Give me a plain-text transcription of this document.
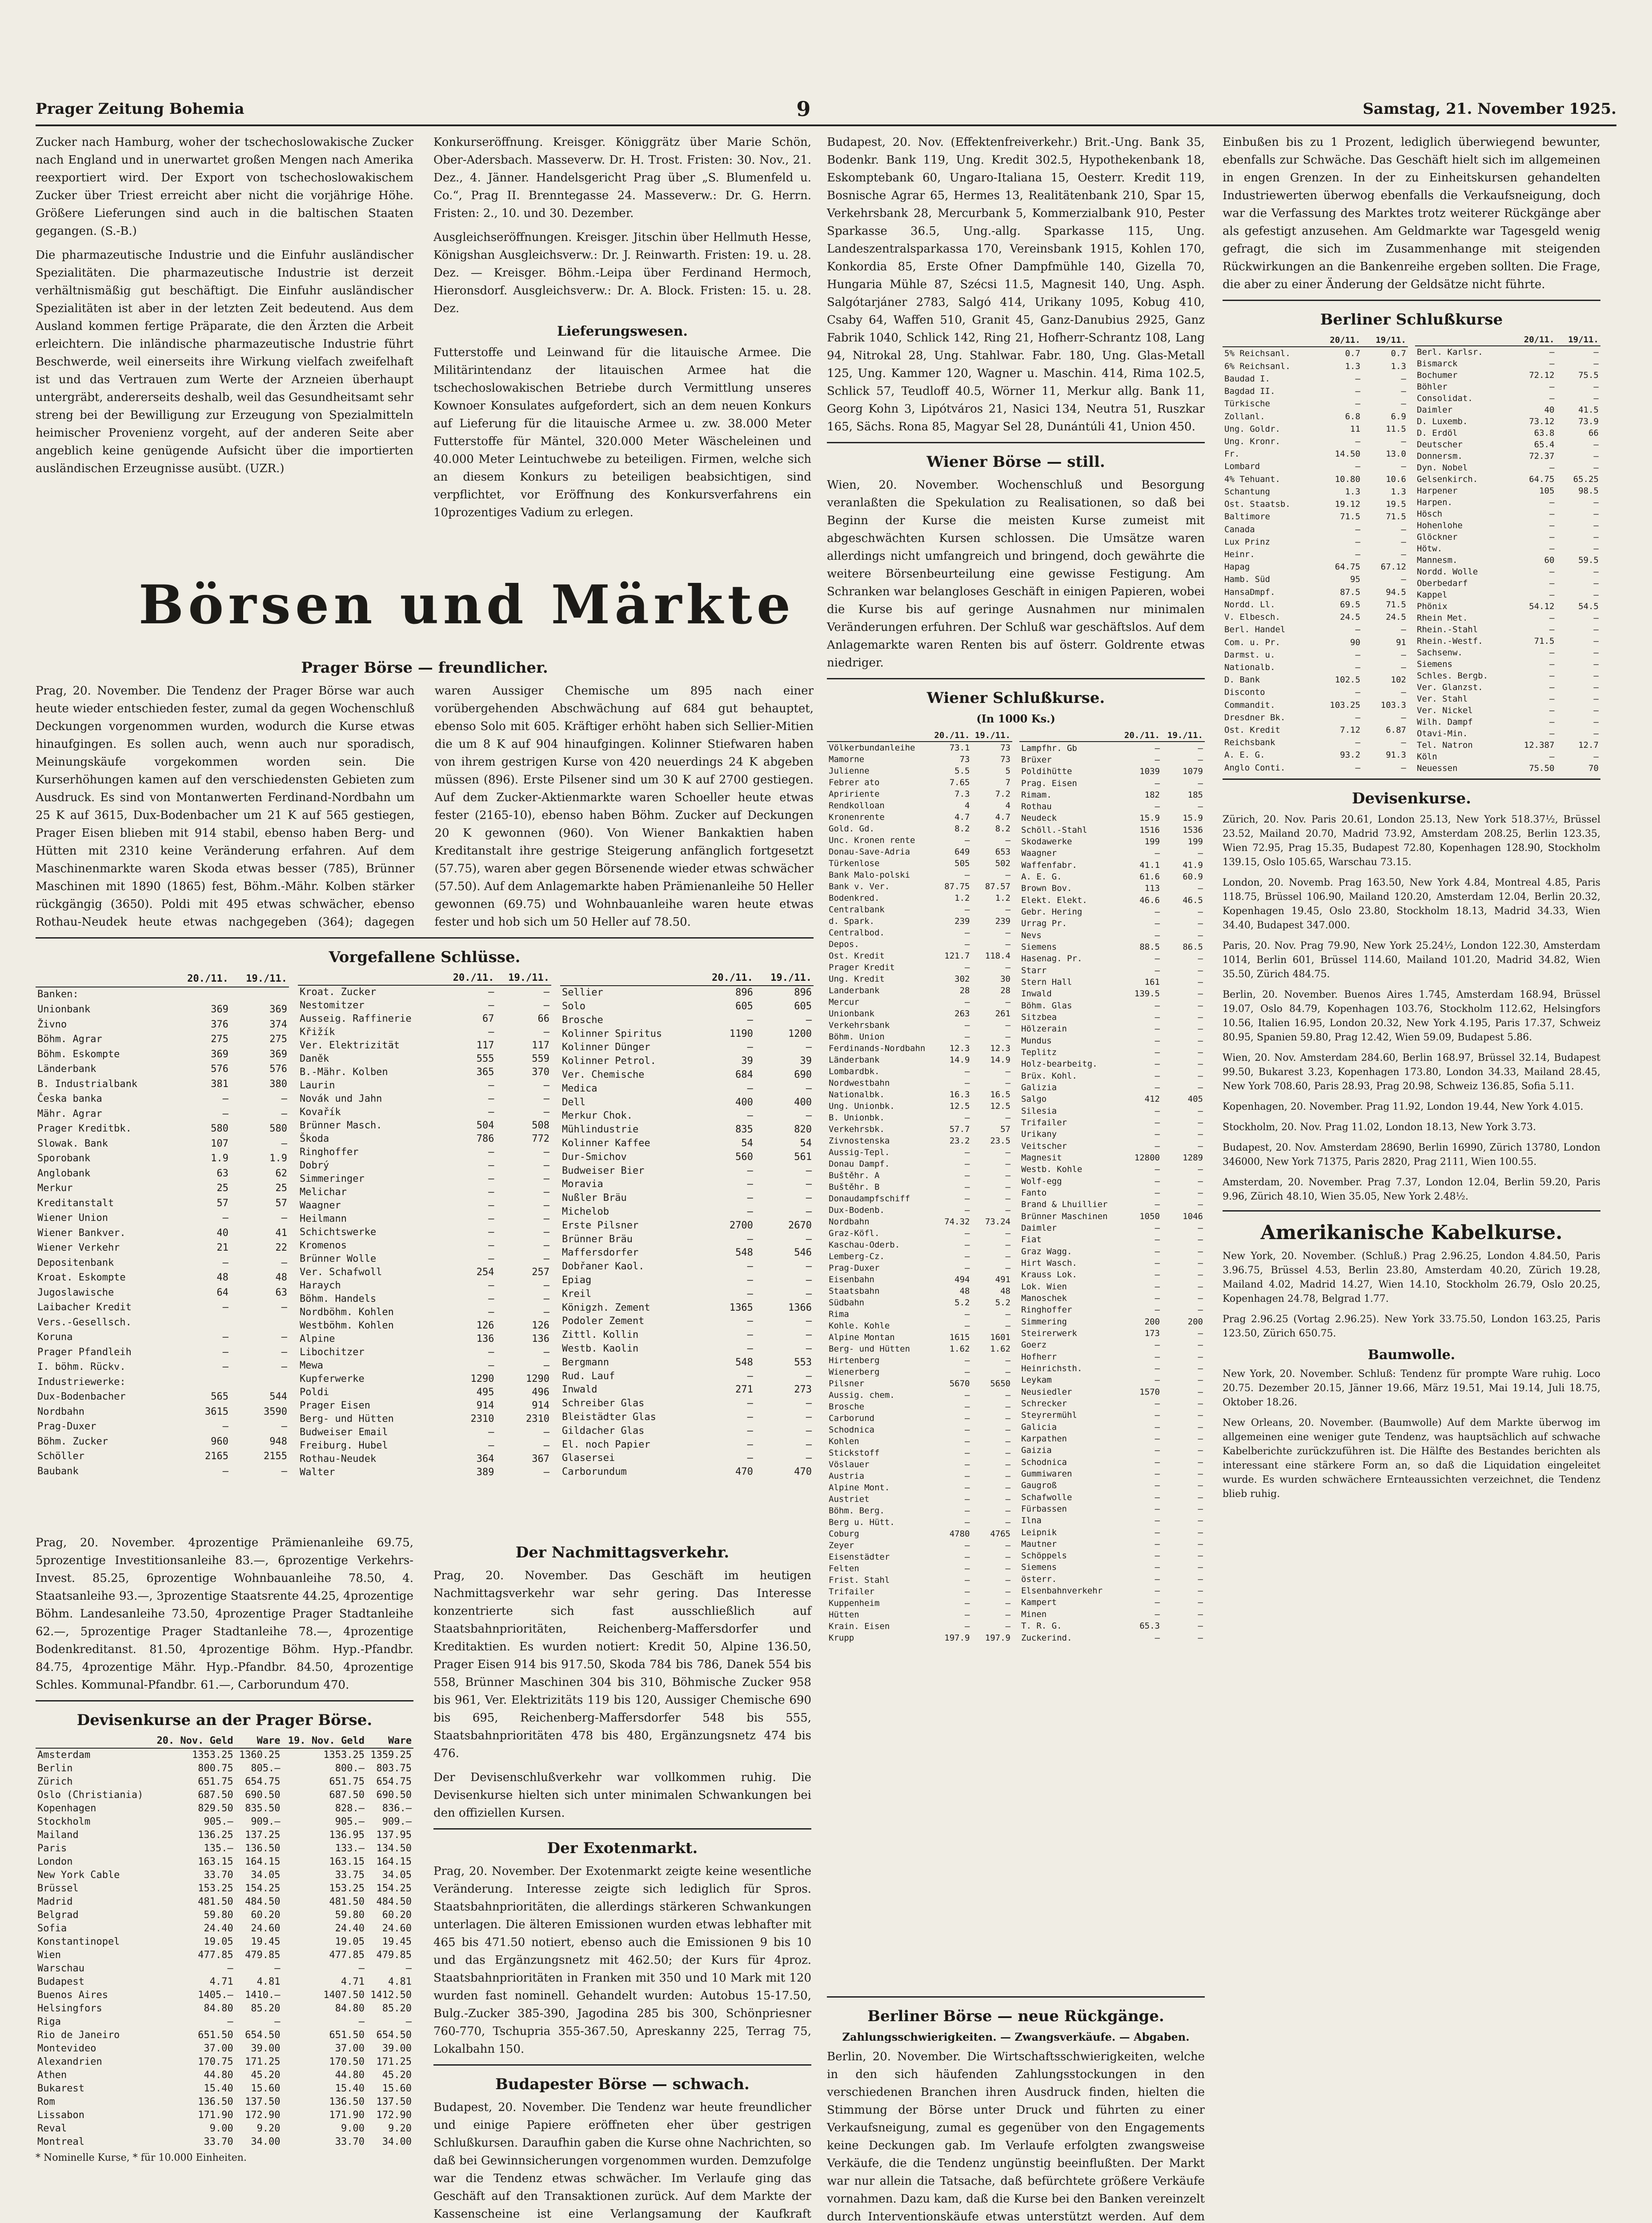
Prager Zeitung Bohemia	9	Samstag, 21. November 1925.

Zucker nach Hamburg, woher der tschechoslowakische Zucker nach England und in unerwartet großen Mengen nach Amerika reexportiert wird. Der Export von tschechoslowakischem Zucker über Triest erreicht aber nicht die vorjährige Höhe. Größere Lieferungen sind auch in die baltischen Staaten gegangen. (S.-B.)

Die pharmazeutische Industrie und die Einfuhr ausländischer Spezialitäten. Die pharmazeutische Industrie ist derzeit verhältnismäßig gut beschäftigt. Die Einfuhr ausländischer Spezialitäten ist aber in der letzten Zeit bedeutend. Aus dem Ausland kommen fertige Präparate, die den Ärzten die Arbeit erleichtern. Die inländische pharmazeutische Industrie führt Beschwerde, weil einerseits ihre Wirkung vielfach zweifelhaft ist und das Vertrauen zum Werte der Arzneien überhaupt untergräbt, andererseits deshalb, weil das Gesundheitsamt sehr streng bei der Bewilligung zur Erzeugung von Spezialmitteln heimischer Provenienz vorgeht, auf der anderen Seite aber angeblich keine genügende Aufsicht über die importierten ausländischen Erzeugnisse ausübt. (UZR.)

Konkurseröffnung. Kreisger. Königgrätz über Marie Schön, Ober-Adersbach. Masseverw. Dr. H. Trost. Fristen: 30. Nov., 21. Dez., 4. Jänner. Handelsgericht Prag über „S. Blumenfeld u. Co.“, Prag II. Brenntegasse 24. Masseverw.: Dr. G. Herrn. Fristen: 2., 10. und 30. Dezember.

Ausgleichseröffnungen. Kreisger. Jitschin über Hellmuth Hesse, Königshan Ausgleichsverw.: Dr. J. Reinwarth. Fristen: 19. u. 28. Dez. — Kreisger. Böhm.-Leipa über Ferdinand Hermoch, Hieronsdorf. Ausgleichsverw.: Dr. A. Block. Fristen: 15. u. 28. Dez.

Lieferungswesen.

Futterstoffe und Leinwand für die litauische Armee. Die Militärintendanz der litauischen Armee hat die tschechoslowakischen Betriebe durch Vermittlung unseres Kownoer Konsulates aufgefordert, sich an dem neuen Konkurs auf Lieferung für die litauische Armee u. zw. 38.000 Meter Futterstoffe für Mäntel, 320.000 Meter Wäscheleinen und 40.000 Meter Leintuchwebe zu beteiligen. Firmen, welche sich an diesem Konkurs zu beteiligen beabsichtigen, sind verpflichtet, vor Eröffnung des Konkursverfahrens ein 10prozentiges Vadium zu erlegen.

Börsen und Märkte
Prager Börse — freundlicher.

Prag, 20. November. Die Tendenz der Prager Börse war auch heute wieder entschieden fester, zumal da gegen Wochenschluß Deckungen vorgenommen wurden, wodurch die Kurse etwas hinaufgingen. Es sollen auch, wenn auch nur sporadisch, Meinungskäufe vorgekommen worden sein. Die Kurserhöhungen kamen auf den verschiedensten Gebieten zum Ausdruck. Es sind von Montanwerten Ferdinand-Nordbahn um 25 K auf 3615, Dux-Bodenbacher um 21 K auf 565 gestiegen, Prager Eisen blieben mit 914 stabil, ebenso haben Berg- und Hütten mit 2310 keine Veränderung erfahren. Auf dem Maschinenmarkte waren Skoda etwas besser (785), Brünner Maschinen mit 1890 (1865) fest, Böhm.-Mähr. Kolben stärker rückgängig (3650). Poldi mit 495 etwas schwächer, ebenso Rothau-Neudek heute etwas nachgegeben (364); dagegen waren Aussiger Chemische um 895 nach einer vorübergehenden Abschwächung auf 684 gut behauptet, ebenso Solo mit 605. Kräftiger erhöht haben sich Sellier-Mitien die um 8 K auf 904 hinaufgingen. Kolinner Stiefwaren haben von ihrem gestrigen Kurse von 420 neuerdings 24 K abgeben müssen (896). Erste Pilsener sind um 30 K auf 2700 gestiegen. Auf dem Zucker-Aktienmarkte waren Schoeller heute etwas fester (2165-10), ebenso haben Böhm. Zucker auf Deckungen 20 K gewonnen (960). Von Wiener Bankaktien haben Kreditanstalt ihre gestrige Steigerung anfänglich fortgesetzt (57.75), waren aber gegen Börsenende wieder etwas schwächer (57.50). Auf dem Anlagemarkte haben Prämienanleihe 50 Heller gewonnen (69.75) und Wohnbauanleihe waren heute etwas fester und hob sich um 50 Heller auf 78.50.

Vorgefallene Schlüsse.
	20./11.	19./11.
Banken:		
Unionbank	369	369
Živno	376	374
Böhm. Agrar	275	275
Böhm. Eskompte	369	369
Länderbank	576	576
B. Industrialbank	381	380
Česka banka	—	—
Mähr. Agrar	—	—
Prager Kreditbk.	580	580
Slowak. Bank	107	—
Sporobank	1.9	1.9
Anglobank	63	62
Merkur	25	25
Kreditanstalt	57	57
Wiener Union	—	—
Wiener Bankver.	40	41
Wiener Verkehr	21	22
Depositenbank	—	—
Kroat. Eskompte	48	48
Jugoslawische	64	63
Laibacher Kredit	—	—
Vers.-Gesellsch.		
Koruna	—	—
Prager Pfandleih	—	—
I. böhm. Rückv.	—	—
Industriewerke:		
Dux-Bodenbacher	565	544
Nordbahn	3615	3590
Prag-Duxer	—	—
Böhm. Zucker	960	948
Schöller	2165	2155
Baubank	—	—
	20./11.	19./11.
Kroat. Zucker	—	—
Nestomitzer	—	—
Ausseig. Raffinerie	67	66
Křižík	—	—
Ver. Elektrizität	117	117
Daněk	555	559
B.-Mähr. Kolben	365	370
Laurin	—	—
Novák und Jahn	—	—
Kovařík	—	—
Brünner Masch.	504	508
Škoda	786	772
Ringhoffer	—	—
Dobrý	—	—
Simmeringer	—	—
Melichar	—	—
Waagner	—	—
Heilmann	—	—
Schichtswerke	—	—
Kromenos	—	—
Brünner Wolle	—	—
Ver. Schafwoll	254	257
Haraych	—	—
Böhm. Handels	—	—
Nordböhm. Kohlen	—	—
Westböhm. Kohlen	126	126
Alpine	136	136
Libochitzer	—	—
Mewa	—	—
Kupferwerke	1290	1290
Poldi	495	496
Prager Eisen	914	914
Berg- und Hütten	2310	2310
Budweiser Email	—	—
Freiburg. Hubel	—	—
Rothau-Neudek	364	367
Walter	389	—
	20./11.	19./11.
Sellier	896	896
Solo	605	605
Brosche	—	—
Kolinner Spiritus	1190	1200
Kolinner Dünger	—	—
Kolinner Petrol.	39	39
Ver. Chemische	684	690
Medica	—	—
Dell	400	400
Merkur Chok.	—	—
Mühlindustrie	835	820
Kolinner Kaffee	54	54
Dur-Smichov	560	561
Budweiser Bier	—	—
Moravia	—	—
Nußler Bräu	—	—
Michelob	—	—
Erste Pilsner	2700	2670
Brünner Bräu	—	—
Maffersdorfer	548	546
Dobřaner Kaol.	—	—
Epiag	—	—
Kreil	—	—
Königzh. Zement	1365	1366
Podoler Zement	—	—
Zittl. Kollin	—	—
Westb. Kaolin	—	—
Bergmann	548	553
Rud. Lauf	—	—
Inwald	271	273
Schreiber Glas	—	—
Bleistädter Glas	—	—
Gildacher Glas	—	—
El. noch Papier	—	—
Glasersei	—	—
Carborundum	470	470

Prag, 20. November. 4prozentige Prämienanleihe 69.75, 5prozentige Investitionsanleihe 83.—, 6prozentige Verkehrs-Invest. 85.25, 6prozentige Wohnbauanleihe 78.50, 4. Staatsanleihe 93.—, 3prozentige Staatsrente 44.25, 4prozentige Böhm. Landesanleihe 73.50, 4prozentige Prager Stadtanleihe 62.—, 5prozentige Prager Stadtanleihe 78.—, 4prozentige Bodenkreditanst. 81.50, 4prozentige Böhm. Hyp.-Pfandbr. 84.75, 4prozentige Mähr. Hyp.-Pfandbr. 84.50, 4prozentige Schles. Kommunal-Pfandbr. 61.—, Carborundum 470.

Devisenkurse an der Prager Börse.
	20. Nov. Geld	Ware	19. Nov. Geld	Ware
Amsterdam	1353.25	1360.25	1353.25	1359.25
Berlin	800.75	805.—	800.—	803.75
Zürich	651.75	654.75	651.75	654.75
Oslo (Christiania)	687.50	690.50	687.50	690.50
Kopenhagen	829.50	835.50	828.—	836.—
Stockholm	905.—	909.—	905.—	909.—
Mailand	136.25	137.25	136.95	137.95
Paris	135.—	136.50	133.—	134.50
London	163.15	164.15	163.15	164.15
New York Cable	33.70	34.05	33.75	34.05
Brüssel	153.25	154.25	153.25	154.25
Madrid	481.50	484.50	481.50	484.50
Belgrad	59.80	60.20	59.80	60.20
Sofia	24.40	24.60	24.40	24.60
Konstantinopel	19.05	19.45	19.05	19.45
Wien	477.85	479.85	477.85	479.85
Warschau	—	—	—	—
Budapest	4.71	4.81	4.71	4.81
Buenos Aires	1405.—	1410.—	1407.50	1412.50
Helsingfors	84.80	85.20	84.80	85.20
Riga	—	—	—	—
Rio de Janeiro	651.50	654.50	651.50	654.50
Montevideo	37.00	39.00	37.00	39.00
Alexandrien	170.75	171.25	170.50	171.25
Athen	44.80	45.20	44.80	45.20
Bukarest	15.40	15.60	15.40	15.60
Rom	136.50	137.50	136.50	137.50
Lissabon	171.90	172.90	171.90	172.90
Reval	9.00	9.20	9.00	9.20
Montreal	33.70	34.00	33.70	34.00
* Nominelle Kurse, * für 10.000 Einheiten.
Der Nachmittagsverkehr.

Prag, 20. November. Das Geschäft im heutigen Nachmittagsverkehr war sehr gering. Das Interesse konzentrierte sich fast ausschließlich auf Staatsbahnprioritäten, Reichenberg-Maffersdorfer und Kreditaktien. Es wurden notiert: Kredit 50, Alpine 136.50, Prager Eisen 914 bis 917.50, Skoda 784 bis 786, Danek 554 bis 558, Brünner Maschinen 304 bis 310, Böhmische Zucker 958 bis 961, Ver. Elektrizitäts 119 bis 120, Aussiger Chemische 690 bis 695, Reichenberg-Maffersdorfer 548 bis 555, Staatsbahnprioritäten 478 bis 480, Ergänzungsnetz 474 bis 476.

Der Devisenschlußverkehr war vollkommen ruhig. Die Devisenkurse hielten sich unter minimalen Schwankungen bei den offiziellen Kursen.

Der Exotenmarkt.

Prag, 20. November. Der Exotenmarkt zeigte keine wesentliche Veränderung. Interesse zeigte sich lediglich für Spros. Staatsbahnprioritäten, die allerdings stärkeren Schwankungen unterlagen. Die älteren Emissionen wurden etwas lebhafter mit 465 bis 471.50 notiert, ebenso auch die Emissionen 9 bis 10 und das Ergänzungsnetz mit 462.50; der Kurs für 4proz. Staatsbahnprioritäten in Franken mit 350 und 10 Mark mit 120 wurden fast nominell. Gehandelt wurden: Autobus 15-17.50, Bulg.-Zucker 385-390, Jagodina 285 bis 300, Schönpriesner 760-770, Tschupria 355-367.50, Apreskanny 225, Terrag 75, Lokalbahn 150.

Budapester Börse — schwach.

Budapest, 20. November. Die Tendenz war heute freundlicher und einige Papiere eröffneten eher über gestrigen Schlußkursen. Daraufhin gaben die Kurse ohne Nachrichten, so daß bei Gewinnsicherungen vorgenommen wurden. Demzufolge war die Tendenz etwas schwächer. Im Verlaufe ging das Geschäft auf den Transaktionen zurück. Auf dem Markte der Kassenscheine ist eine Verlangsamung der Kaufkraft

Budapest, 20. Nov. (Effektenfreiverkehr.) Brit.-Ung. Bank 35, Bodenkr. Bank 119, Ung. Kredit 302.5, Hypothekenbank 18, Eskomptebank 60, Ungaro-Italiana 15, Oesterr. Kredit 119, Bosnische Agrar 65, Hermes 13, Realitätenbank 210, Spar 15, Verkehrsbank 28, Mercurbank 5, Kommerzialbank 910, Pester Sparkasse 36.5, Ung.-allg. Sparkasse 115, Ung. Landeszentralsparkassa 170, Vereinsbank 1915, Kohlen 170, Konkordia 85, Erste Ofner Dampfmühle 140, Gizella 70, Hungaria Mühle 87, Szécsi 11.5, Magnesit 140, Ung. Asph. Salgótarjáner 2783, Salgó 414, Urikany 1095, Kobug 410, Csaby 64, Waffen 510, Granit 45, Ganz-Danubius 2925, Ganz Fabrik 1040, Schlick 142, Ring 21, Hofherr-Schrantz 108, Lang 94, Nitrokal 28, Ung. Stahlwar. Fabr. 180, Ung. Glas-Metall 125, Ung. Kammer 120, Wagner u. Maschin. 414, Rima 102.5, Schlick 57, Teudloff 40.5, Wörner 11, Merkur allg. Bank 11, Georg Kohn 3, Lipótváros 21, Nasici 134, Neutra 51, Ruszkar 165, Sächs. Rona 85, Magyar Sel 28, Dunántúli 41, Union 450.

Wiener Börse — still.

Wien, 20. November. Wochenschluß und Besorgung veranlaßten die Spekulation zu Realisationen, so daß bei Beginn der Kurse die meisten Kurse zumeist mit abgeschwächten Kursen schlossen. Die Umsätze waren allerdings nicht umfangreich und bringend, doch gewährte die weitere Börsenbeurteilung eine gewisse Festigung. Am Schranken war belangloses Geschäft in einigen Papieren, wobei die Kurse bis auf geringe Ausnahmen nur minimalen Veränderungen erfuhren. Der Schluß war geschäftslos. Auf dem Anlagemarkte waren Renten bis auf österr. Goldrente etwas niedriger.

Wiener Schlußkurse.
(In 1000 Ks.)
	20./11.	19./11.
Völkerbundanleihe	73.1	73
Mamorne	73	73
Julienne	5.5	5
Febrer ato	7.65	7
Apririente	7.3	7.2
Rendkolloan	4	4
Kronenrente	4.7	4.7
Gold. Gd.	8.2	8.2
Unc. Kronen rente	—	—
Donau-Save-Adria	649	653
Türkenlose	505	502
Bank Malo-polski	—	—
Bank v. Ver.	87.75	87.57
Bodenkred.	1.2	1.2
Centralbank	—	—
d. Spark.	239	239
Centralbod.	—	—
Depos.	—	—
Ost. Kredit	121.7	118.4
Prager Kredit	—	—
Ung. Kredit	302	30
Landerbank	28	28
Mercur	—	—
Unionbank	263	261
Verkehrsbank	—	—
Böhm. Union	—	—
Ferdinands-Nordbahn	12.3	12.3
Länderbank	14.9	14.9
Lombardbk.	—	—
Nordwestbahn	—	—
Nationalbk.	16.3	16.5
Ung. Unionbk.	12.5	12.5
B. Unionbk.	—	—
Verkehrsbk.	57.7	57
Zivnostenska	23.2	23.5
Aussig-Tepl.	—	—
Donau Dampf.	—	—
Buštěhr. A	—	—
Buštěhr. B	—	—
Donaudampfschiff	—	—
Dux-Bodenb.	—	—
Nordbahn	74.32	73.24
Graz-Köfl.	—	—
Kaschau-Oderb.	—	—
Lemberg-Cz.	—	—
Prag-Duxer	—	—
Eisenbahn	494	491
Staatsbahn	48	48
Südbahn	5.2	5.2
Rima	—	—
Kohle. Kohle	—	—
Alpine Montan	1615	1601
Berg- und Hütten	1.62	1.62
Hirtenberg	—	—
Wienerberg	—	—
Pilsner	5670	5650
Aussig. chem.	—	—
Brosche	—	—
Carborund	—	—
Schodnica	—	—
Kohlen	—	—
Stickstoff	—	—
Vöslauer	—	—
Austria	—	—
Alpine Mont.	—	—
Austriet	—	—
Böhm. Berg.	—	—
Berg u. Hütt.	—	—
Coburg	4780	4765
Zeyer	—	—
Eisenstädter	—	—
Felten	—	—
Frist. Stahl	—	—
Trifailer	—	—
Kuppenheim	—	—
Hütten	—	—
Krain. Eisen	—	—
Krupp	197.9	197.9
	20./11.	19./11.
Lampfhr. Gb	—	—
Brüxer	—	—
Poldihütte	1039	1079
Prag. Eisen	—	—
Rimam.	182	185
Rothau	—	—
Neudeck	15.9	15.9
Schöll.-Stahl	1516	1536
Skodawerke	199	199
Waagner	—	—
Waffenfabr.	41.1	41.9
A. E. G.	61.6	60.9
Brown Bov.	113	—
Elekt. Elekt.	46.6	46.5
Gebr. Hering	—	—
Urrag Pr.	—	—
Nevs	—	—
Siemens	88.5	86.5
Hasenag. Pr.	—	—
Starr	—	—
Stern Hall	161	—
Inwald	139.5	—
Böhm. Glas	—	—
Sitzbea	—	—
Hölzerain	—	—
Mundus	—	—
Teplitz	—	—
Holz-bearbeitg.	—	—
Brüx. Kohl.	—	—
Galizia	—	—
Salgo	412	405
Silesia	—	—
Trifailer	—	—
Urikany	—	—
Veitscher	—	—
Magnesit	12800	1289
Westb. Kohle	—	—
Wolf-egg	—	—
Fanto	—	—
Brand & Lhuillier	—	—
Brünner Maschinen	1050	1046
Daimler	—	—
Fiat	—	—
Graz Wagg.	—	—
Hirt Wasch.	—	—
Krauss Lok.	—	—
Lok. Wien	—	—
Manoschek	—	—
Ringhoffer	—	—
Simmering	200	200
Steirerwerk	173	—
Goerz	—	—
Hofherr	—	—
Heinrichsth.	—	—
Leykam	—	—
Neusiedler	1570	—
Schrecker	—	—
Steyrermühl	—	—
Galicia	—	—
Karpathen	—	—
Gaizia	—	—
Schodnica	—	—
Gummiwaren	—	—
Gaugroß	—	—
Schafwolle	—	—
Fürbassen	—	—
Ilna	—	—
Leipnik	—	—
Mautner	—	—
Schöppels	—	—
Siemens	—	—
österr.	—	—
Elsenbahnverkehr	—	—
Kampert	—	—
Minen	—	—
T. R. G.	65.3	—
Zuckerind.	—	—
Berliner Börse — neue Rückgänge.
Zahlungsschwierigkeiten. — Zwangsverkäufe. — Abgaben.

Berlin, 20. November. Die Wirtschaftsschwierigkeiten, welche in den sich häufenden Zahlungsstockungen in den verschiedenen Branchen ihren Ausdruck finden, hielten die Stimmung der Börse unter Druck und führten zu einer Verkaufsneigung, zumal es gegenüber von den Engagements keine Deckungen gab. Im Verlaufe erfolgten zwangsweise Verkäufe, die die Tendenz ungünstig beeinflußten. Der Markt war nur allein die Tatsache, daß befürchtete größere Verkäufe vornahmen. Dazu kam, daß die Kurse bei den Banken vereinzelt durch Interventionskäufe etwas unterstützt werden. Auf dem

Einbußen bis zu 1 Prozent, lediglich überwiegend bewunter, ebenfalls zur Schwäche. Das Geschäft hielt sich im allgemeinen in engen Grenzen. In der zu Einheitskursen gehandelten Industriewerten überwog ebenfalls die Verkaufsneigung, doch war die Verfassung des Marktes trotz weiterer Rückgänge aber als gefestigt anzusehen. Am Geldmarkte war Tagesgeld wenig gefragt, die sich im Zusammenhange mit steigenden Rückwirkungen an die Bankenreihe ergeben sollten. Die Frage, die aber zu einer Änderung der Geldsätze nicht führte.

Berliner Schlußkurse
	20/11.	19/11.
5% Reichsanl.	0.7	0.7
6% Reichsanl.	1.3	1.3
Baudad I.	—	—
Bagdad II.	—	—
Türkische	—	—
Zollanl.	6.8	6.9
Ung. Goldr.	11	11.5
Ung. Kronr.	—	—
Fr.	14.50	13.0
Lombard	—	—
4% Tehuant.	10.80	10.6
Schantung	1.3	1.3
Ost. Staatsb.	19.12	19.5
Baltimore	71.5	71.5
Canada	—	—
Lux Prinz	—	—
Heinr.	—	—
Hapag	64.75	67.12
Hamb. Süd	95	—
HansaDmpf.	87.5	94.5
Nordd. Ll.	69.5	71.5
V. Elbesch.	24.5	24.5
Berl. Handel	—	—
Com. u. Pr.	90	91
Darmst. u.	—	—
Nationalb.	—	—
D. Bank	102.5	102
Disconto	—	—
Commandit.	103.25	103.3
Dresdner Bk.	—	—
Ost. Kredit	7.12	6.87
Reichsbank	—	—
A. E. G.	93.2	91.3
Anglo Conti.	—	—
	20/11.	19/11.
Berl. Karlsr.	—	—
Bismarck	—	—
Bochumer	72.12	75.5
Böhler	—	—
Consolidat.	—	—
Daimler	40	41.5
D. Luxemb.	73.12	73.9
D. Erdöl	63.8	66
Deutscher	65.4	—
Donnersm.	72.37	—
Dyn. Nobel	—	—
Gelsenkirch.	64.75	65.25
Harpener	105	98.5
Harpen.	—	—
Hösch	—	—
Hohenlohe	—	—
Glöckner	—	—
Hötw.	—	—
Mannesm.	60	59.5
Nordd. Wolle	—	—
Oberbedarf	—	—
Kappel	—	—
Phönix	54.12	54.5
Rhein Met.	—	—
Rhein.-Stahl	—	—
Rhein.-Westf.	71.5	—
Sachsenw.	—	—
Siemens	—	—
Schles. Bergb.	—	—
Ver. Glanzst.	—	—
Ver. Stahl	—	—
Ver. Nickel	—	—
Wilh. Dampf	—	—
Otavi-Min.	—	—
Tel. Natron	12.387	12.7
Köln	—	—
Neuessen	75.50	70
Devisenkurse.

Zürich, 20. Nov. Paris 20.61, London 25.13, New York 518.37½, Brüssel 23.52, Mailand 20.70, Madrid 73.92, Amsterdam 208.25, Berlin 123.35, Wien 72.95, Prag 15.35, Budapest 72.80, Kopenhagen 128.90, Stockholm 139.15, Oslo 105.65, Warschau 73.15.

London, 20. Novemb. Prag 163.50, New York 4.84, Montreal 4.85, Paris 118.75, Brüssel 106.90, Mailand 120.20, Amsterdam 12.04, Berlin 20.32, Kopenhagen 19.45, Oslo 23.80, Stockholm 18.13, Madrid 34.33, Wien 34.40, Budapest 347.000.

Paris, 20. Nov. Prag 79.90, New York 25.24½, London 122.30, Amsterdam 1014, Berlin 601, Brüssel 114.60, Mailand 101.20, Madrid 34.82, Wien 35.50, Zürich 484.75.

Berlin, 20. November. Buenos Aires 1.745, Amsterdam 168.94, Brüssel 19.07, Oslo 84.79, Kopenhagen 103.76, Stockholm 112.62, Helsingfors 10.56, Italien 16.95, London 20.32, New York 4.195, Paris 17.37, Schweiz 80.95, Spanien 59.80, Prag 12.42, Wien 59.09, Budapest 5.86.

Wien, 20. Nov. Amsterdam 284.60, Berlin 168.97, Brüssel 32.14, Budapest 99.50, Bukarest 3.23, Kopenhagen 173.80, London 34.33, Mailand 28.45, New York 708.60, Paris 28.93, Prag 20.98, Schweiz 136.85, Sofia 5.11.

Kopenhagen, 20. November. Prag 11.92, London 19.44, New York 4.015.

Stockholm, 20. Nov. Prag 11.02, London 18.13, New York 3.73.

Budapest, 20. Nov. Amsterdam 28690, Berlin 16990, Zürich 13780, London 346000, New York 71375, Paris 2820, Prag 2111, Wien 100.55.

Amsterdam, 20. November. Prag 7.37, London 12.04, Berlin 59.20, Paris 9.96, Zürich 48.10, Wien 35.05, New York 2.48½.

Amerikanische Kabelkurse.

New York, 20. November. (Schluß.) Prag 2.96.25, London 4.84.50, Paris 3.96.75, Brüssel 4.53, Berlin 23.80, Amsterdam 40.20, Zürich 19.28, Mailand 4.02, Madrid 14.27, Wien 14.10, Stockholm 26.79, Oslo 20.25, Kopenhagen 24.78, Belgrad 1.77.

Prag 2.96.25 (Vortag 2.96.25). New York 33.75.50, London 163.25, Paris 123.50, Zürich 650.75.

Baumwolle.

New York, 20. November. Schluß: Tendenz für prompte Ware ruhig. Loco 20.75. Dezember 20.15, Jänner 19.66, März 19.51, Mai 19.14, Juli 18.75, Oktober 18.26.

New Orleans, 20. November. (Baumwolle) Auf dem Markte überwog im allgemeinen eine weniger gute Tendenz, was hauptsächlich auf schwache Kabelberichte zurückzuführen ist. Die Hälfte des Bestandes berichten als interessant eine stärkere Form an, so daß die Liquidation eingeleitet wurde. Es wurden schwächere Ernteaussichten verzeichnet, die Tendenz blieb ruhig.
